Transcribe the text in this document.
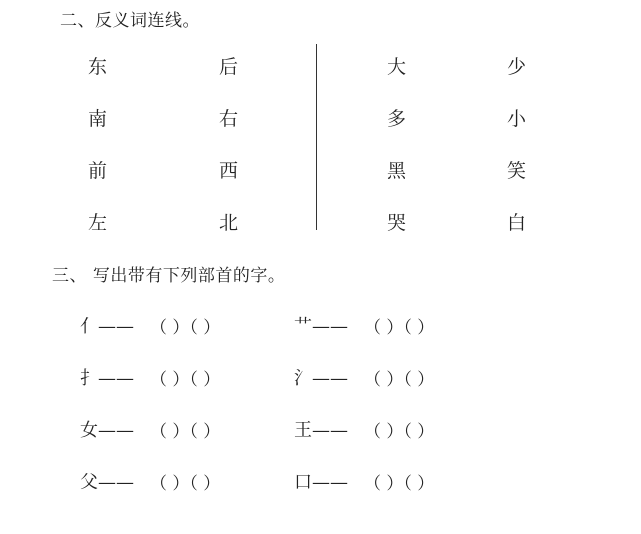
二、反义词连线。
东
南
前
左
后
右
西
北
大
多
黑
哭
少
小
笑
白
三、 写出带有下列部首的字。
亻—— （ ）（ ）
扌—— （ ）（ ）
女—— （ ）（ ）
父—— （ ）（ ）
艹—— （ ）（ ）
氵—— （ ）（ ）
王—— （ ）（ ）
口—— （ ）（ ）
